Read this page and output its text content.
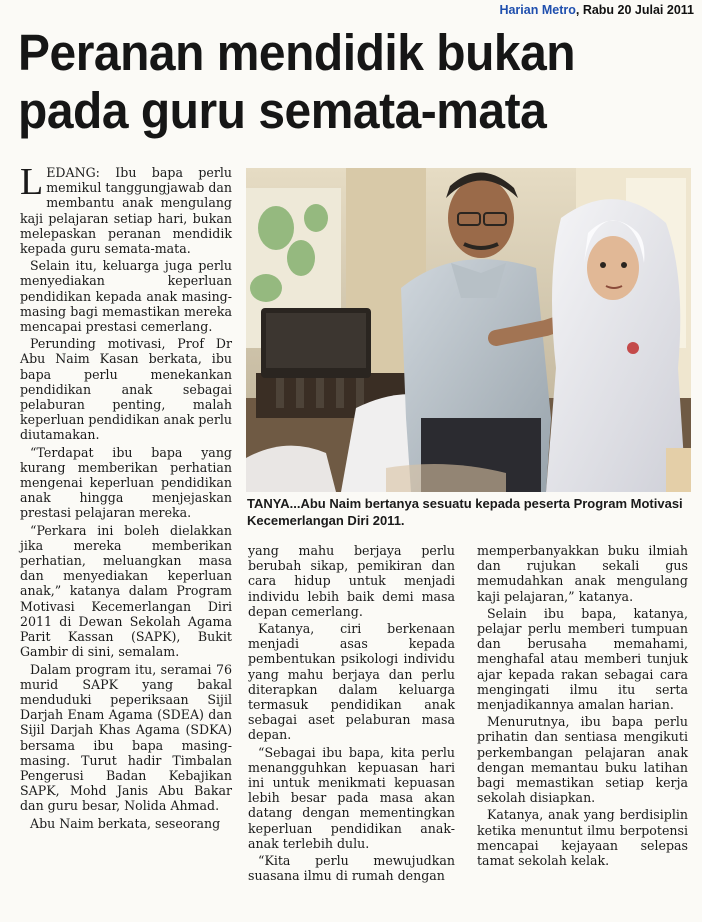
Harian Metro, Rabu 20 Julai 2011
Peranan mendidik bukan
pada guru semata-mata

LEDANG: Ibu bapa perlu memikul tanggungjawab dan membantu anak mengulang kaji pelajaran setiap hari, bukan melepaskan peranan mendidik kepada guru semata-mata.

Selain itu, keluarga juga perlu menyediakan keperluan pendidikan kepada anak masing-masing bagi memastikan mereka mencapai prestasi cemerlang.

Perunding motivasi, Prof Dr Abu Naim Kasan berkata, ibu bapa perlu menekankan pendidikan anak sebagai pelaburan penting, malah keperluan pendidikan anak perlu diutamakan.

“Terdapat ibu bapa yang kurang memberikan perhatian mengenai keperluan pendidikan anak hingga menjejaskan prestasi pelajaran mereka.

“Perkara ini boleh dielakkan jika mereka memberikan perhatian, meluangkan masa dan menyediakan keperluan anak,” katanya dalam Program Motivasi Kecemerlangan Diri 2011 di Dewan Sekolah Agama Parit Kassan (SAPK), Bukit Gambir di sini, semalam.

Dalam program itu, seramai 76 murid SAPK yang bakal menduduki peperiksaan Sijil Darjah Enam Agama (SDEA) dan Sijil Darjah Khas Agama (SDKA) bersama ibu bapa masing-masing. Turut hadir Timbalan Pengerusi Badan Kebajikan SAPK, Mohd Janis Abu Bakar dan guru besar, Nolida Ahmad.

Abu Naim berkata, seseorang

TANYA...Abu Naim bertanya sesuatu kepada peserta Program Motivasi Kecemerlangan Diri 2011.

yang mahu berjaya perlu berubah sikap, pemikiran dan cara hidup untuk menjadi individu lebih baik demi masa depan cemerlang.

Katanya, ciri berkenaan menjadi asas kepada pembentukan psikologi individu yang mahu berjaya dan perlu diterapkan dalam keluarga termasuk pendidikan anak sebagai aset pelaburan masa depan.

“Sebagai ibu bapa, kita perlu menangguhkan kepuasan hari ini untuk menikmati kepuasan lebih besar pada masa akan datang dengan mementingkan keperluan pendidikan anak-anak terlebih dulu.

“Kita perlu mewujudkan suasana ilmu di rumah dengan

memperbanyakkan buku ilmiah dan rujukan sekali gus memudahkan anak mengulang kaji pelajaran,” katanya.

Selain ibu bapa, katanya, pelajar perlu memberi tumpuan dan berusaha memahami, menghafal atau memberi tunjuk ajar kepada rakan sebagai cara mengingati ilmu itu serta menjadikannya amalan harian.

Menurutnya, ibu bapa perlu prihatin dan sentiasa mengikuti perkembangan pelajaran anak dengan memantau buku latihan bagi memastikan setiap kerja sekolah disiapkan.

Katanya, anak yang berdisiplin ketika menuntut ilmu berpotensi mencapai kejayaan selepas tamat sekolah kelak.
